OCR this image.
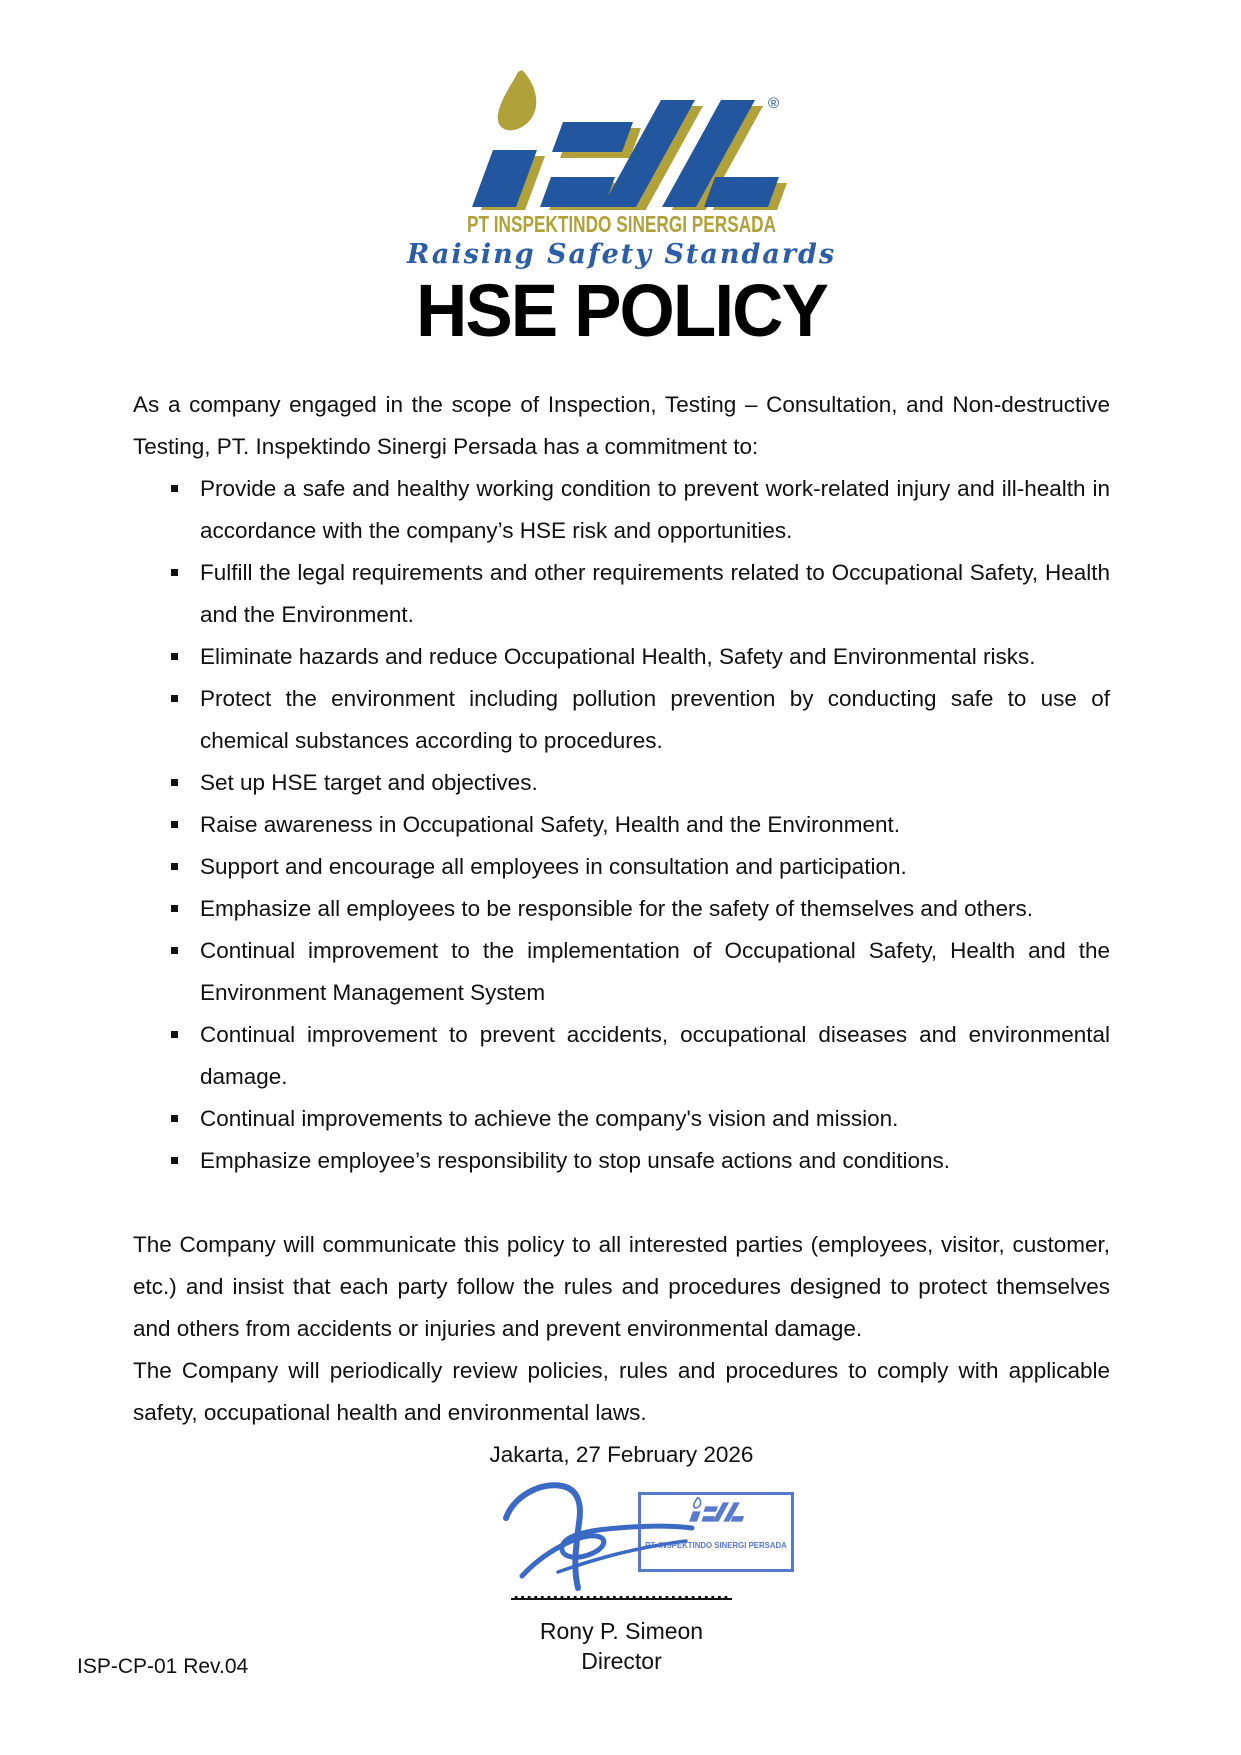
®
PT INSPEKTINDO SINERGI PERSADA
Raising Safety Standards
HSE POLICY

As a company engaged in the scope of Inspection, Testing – Consultation, and Non-destructive Testing, PT. Inspektindo Sinergi Persada has a commitment to:

Provide a safe and healthy working condition to prevent work-related injury and ill-health in accordance with the company’s HSE risk and opportunities.
Fulfill the legal requirements and other requirements related to Occupational Safety, Health and the Environment.
Eliminate hazards and reduce Occupational Health, Safety and Environmental risks.
Protect the environment including pollution prevention by conducting safe to use of chemical substances according to procedures.
Set up HSE target and objectives.
Raise awareness in Occupational Safety, Health and the Environment.
Support and encourage all employees in consultation and participation.
Emphasize all employees to be responsible for the safety of themselves and others.
Continual improvement to the implementation of Occupational Safety, Health and the Environment Management System
Continual improvement to prevent accidents, occupational diseases and environmental damage.
Continual improvements to achieve the company's vision and mission.
Emphasize employee’s responsibility to stop unsafe actions and conditions.

The Company will communicate this policy to all interested parties (employees, visitor, customer, etc.) and insist that each party follow the rules and procedures designed to protect themselves and others from accidents or injuries and prevent environmental damage.

The Company will periodically review policies, rules and procedures to comply with applicable safety, occupational health and environmental laws.

Jakarta, 27 February 2026
PT. INSPEKTINDO SINERGI PERSADA
.................................
Rony P. Simeon
Director
ISP-CP-01 Rev.04
